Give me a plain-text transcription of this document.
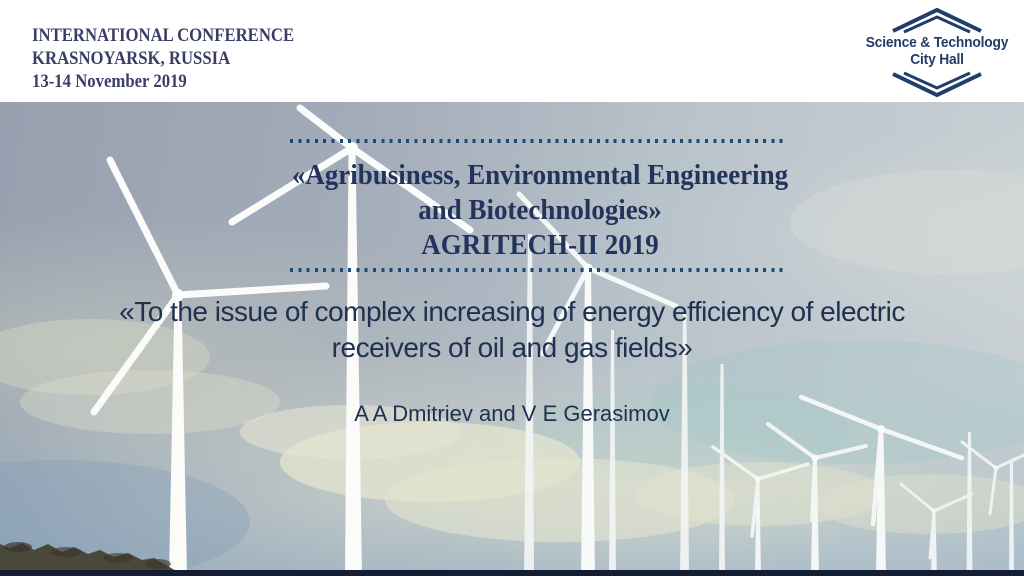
INTERNATIONAL CONFERENCE
KRASNOYARSK, RUSSIA
13-14 November 2019
Science & Technology
City Hall
«Agribusiness, Environmental Engineering
and Biotechnologies»
AGRITECH-II 2019
«To the issue of complex increasing of energy efficiency of electric
receivers of oil and gas fields»
A A Dmitriev and V E Gerasimov
